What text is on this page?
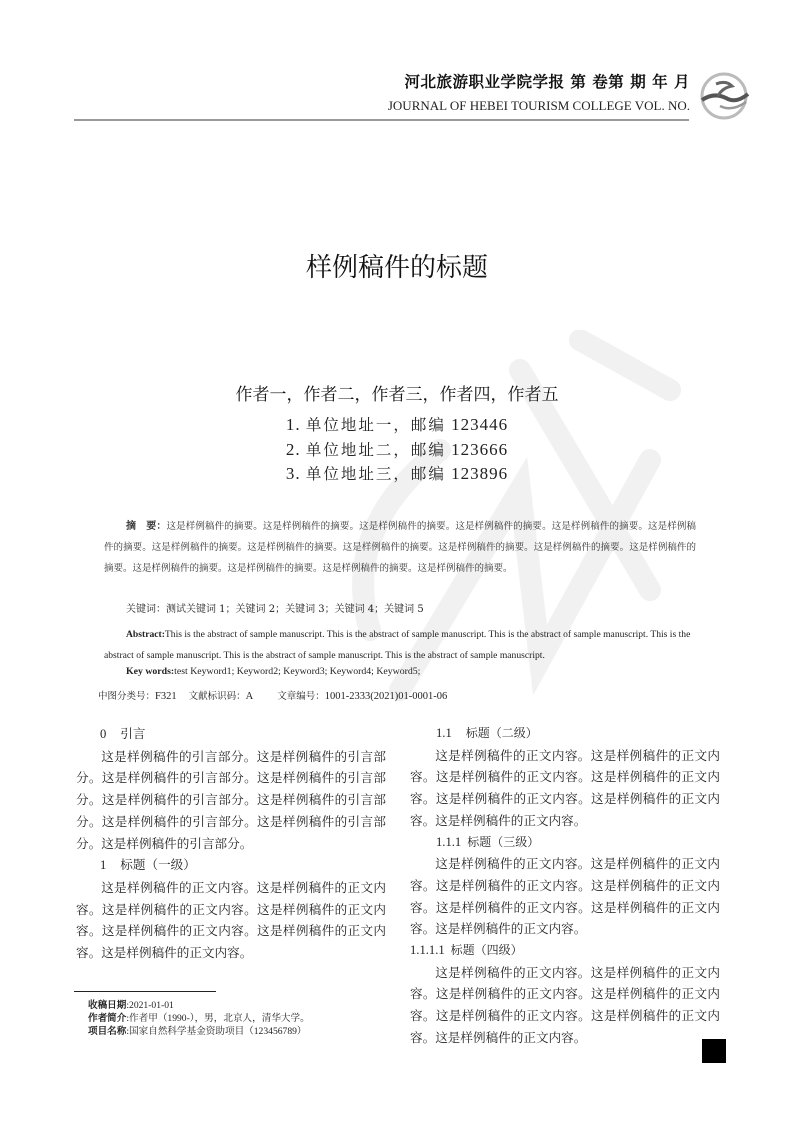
河北旅游职业学院学报 第 卷第 期 年 月
JOURNAL OF HEBEI TOURISM COLLEGE VOL. NO.
样例稿件的标题
作者一，作者二，作者三，作者四，作者五
1. 单位地址一，邮编 123446
2. 单位地址二，邮编 123666
3. 单位地址三，邮编 123896
摘　要：这是样例稿件的摘要。这是样例稿件的摘要。这是样例稿件的摘要。这是样例稿件的摘要。这是样例稿件的摘要。这是样例稿件的摘要。这是样例稿件的摘要。这是样例稿件的摘要。这是样例稿件的摘要。这是样例稿件的摘要。这是样例稿件的摘要。这是样例稿件的摘要。这是样例稿件的摘要。这是样例稿件的摘要。这是样例稿件的摘要。这是样例稿件的摘要。
关键词：测试关键词 1；关键词 2；关键词 3；关键词 4；关键词 5
Abstract:This is the abstract of sample manuscript. This is the abstract of sample manuscript. This is the abstract of sample manuscript. This is the abstract of sample manuscript. This is the abstract of sample manuscript. This is the abstract of sample manuscript.
Key words:test Keyword1; Keyword2; Keyword3; Keyword4; Keyword5;
中图分类号：F321 文献标识码：A	文章编号：1001-2333(2021)01-0001-06

0 引言

这是样例稿件的引言部分。这是样例稿件的引言部分。这是样例稿件的引言部分。这是样例稿件的引言部分。这是样例稿件的引言部分。这是样例稿件的引言部分。这是样例稿件的引言部分。这是样例稿件的引言部分。这是样例稿件的引言部分。

1 标题（一级）

这是样例稿件的正文内容。这是样例稿件的正文内容。这是样例稿件的正文内容。这是样例稿件的正文内容。这是样例稿件的正文内容。这是样例稿件的正文内容。这是样例稿件的正文内容。

1.1 标题（二级）

这是样例稿件的正文内容。这是样例稿件的正文内容。这是样例稿件的正文内容。这是样例稿件的正文内容。这是样例稿件的正文内容。这是样例稿件的正文内容。这是样例稿件的正文内容。

1.1.1 标题（三级）

这是样例稿件的正文内容。这是样例稿件的正文内容。这是样例稿件的正文内容。这是样例稿件的正文内容。这是样例稿件的正文内容。这是样例稿件的正文内容。这是样例稿件的正文内容。

1.1.1.1 标题（四级）

这是样例稿件的正文内容。这是样例稿件的正文内容。这是样例稿件的正文内容。这是样例稿件的正文内容。这是样例稿件的正文内容。这是样例稿件的正文内容。这是样例稿件的正文内容。

收稿日期:2021-01-01
作者简介:作者甲（1990-），男，北京人，清华大学。
项目名称:国家自然科学基金资助项目（123456789）
